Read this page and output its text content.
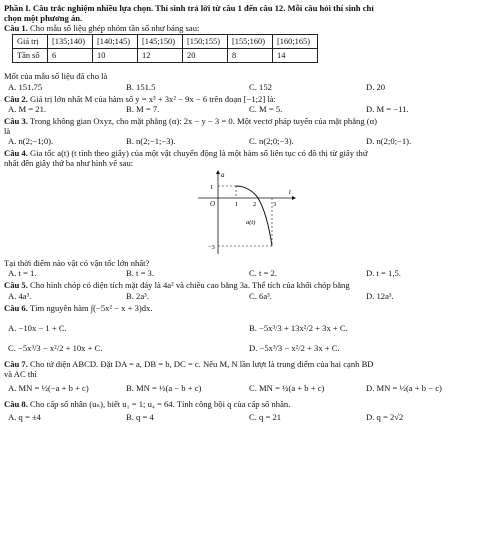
Phần I. Câu trắc nghiệm nhiều lựa chọn. Thí sinh trả lời từ câu 1 đến câu 12. Mỗi câu hỏi thí sinh chỉ

chọn một phương án.

Câu 1. Cho mẫu số liệu ghép nhóm tần số như bảng sau:

Giá trị	[135;140)	[140;145)	[145;150)	[150;155)	[155;160)	[160;165)
Tần số	6	10	12	20	8	14

Mốt của mẫu số liệu đã cho là

A. 151.75	B. 151.5	C. 152	D. 20

Câu 2. Giá trị lớn nhất M của hàm số y = x³ + 3x² − 9x − 6 trên đoạn [−1;2] là:

A. M = 21.	B. M = 7.	C. M = 5.	D. M = −11.

Câu 3. Trong không gian Oxyz, cho mặt phẳng (α): 2x − y − 3 = 0. Một vectơ pháp tuyến của mặt phẳng (α)

là

A. n(2;−1;0).	B. n(2;−1;−3).	C. n(2;0;−3).	D. n(2;0;−1).

Câu 4. Gia tốc a(t) (t tính theo giây) của một vật chuyển động là một hàm số liên tục có đồ thị từ giây thứ

nhất đến giây thứ ba như hình vẽ sau:

a
t
O
1
−3
1 2	3
a(t)

Tại thời điểm nào vật có vận tốc lớn nhất?

A. t = 1.	B. t = 3.	C. t = 2.	D. t = 1,5.

Câu 5. Cho hình chóp có diện tích mặt đáy là 4a² và chiều cao bằng 3a. Thể tích của khối chóp bằng

A. 4a³.	B. 2a³.	C. 6a³.	D. 12a³.

Câu 6. Tìm nguyên hàm ∫(−5x² − x + 3)dx.

A. −10x − 1 + C.	B. −5x³/3 + 13x²/2 + 3x + C.
C. −5x³/3 − x²/2 + 10x + C.	D. −5x³/3 − x²/2 + 3x + C.

Câu 7. Cho tứ diện ABCD. Đặt DA = a, DB = b, DC = c. Nếu M, N lần lượt là trung điểm của hai cạnh BD

và AC thì

A. MN = ½(−a + b + c)	B. MN = ½(a − b + c)	C. MN = ½(a + b + c)	D. MN = ½(a + b − c)

Câu 8. Cho cấp số nhân (uₙ), biết u₁ = 1; u₄ = 64. Tính công bội q của cấp số nhân.

A. q = ±4	B. q = 4	C. q = 21	D. q = 2√2
